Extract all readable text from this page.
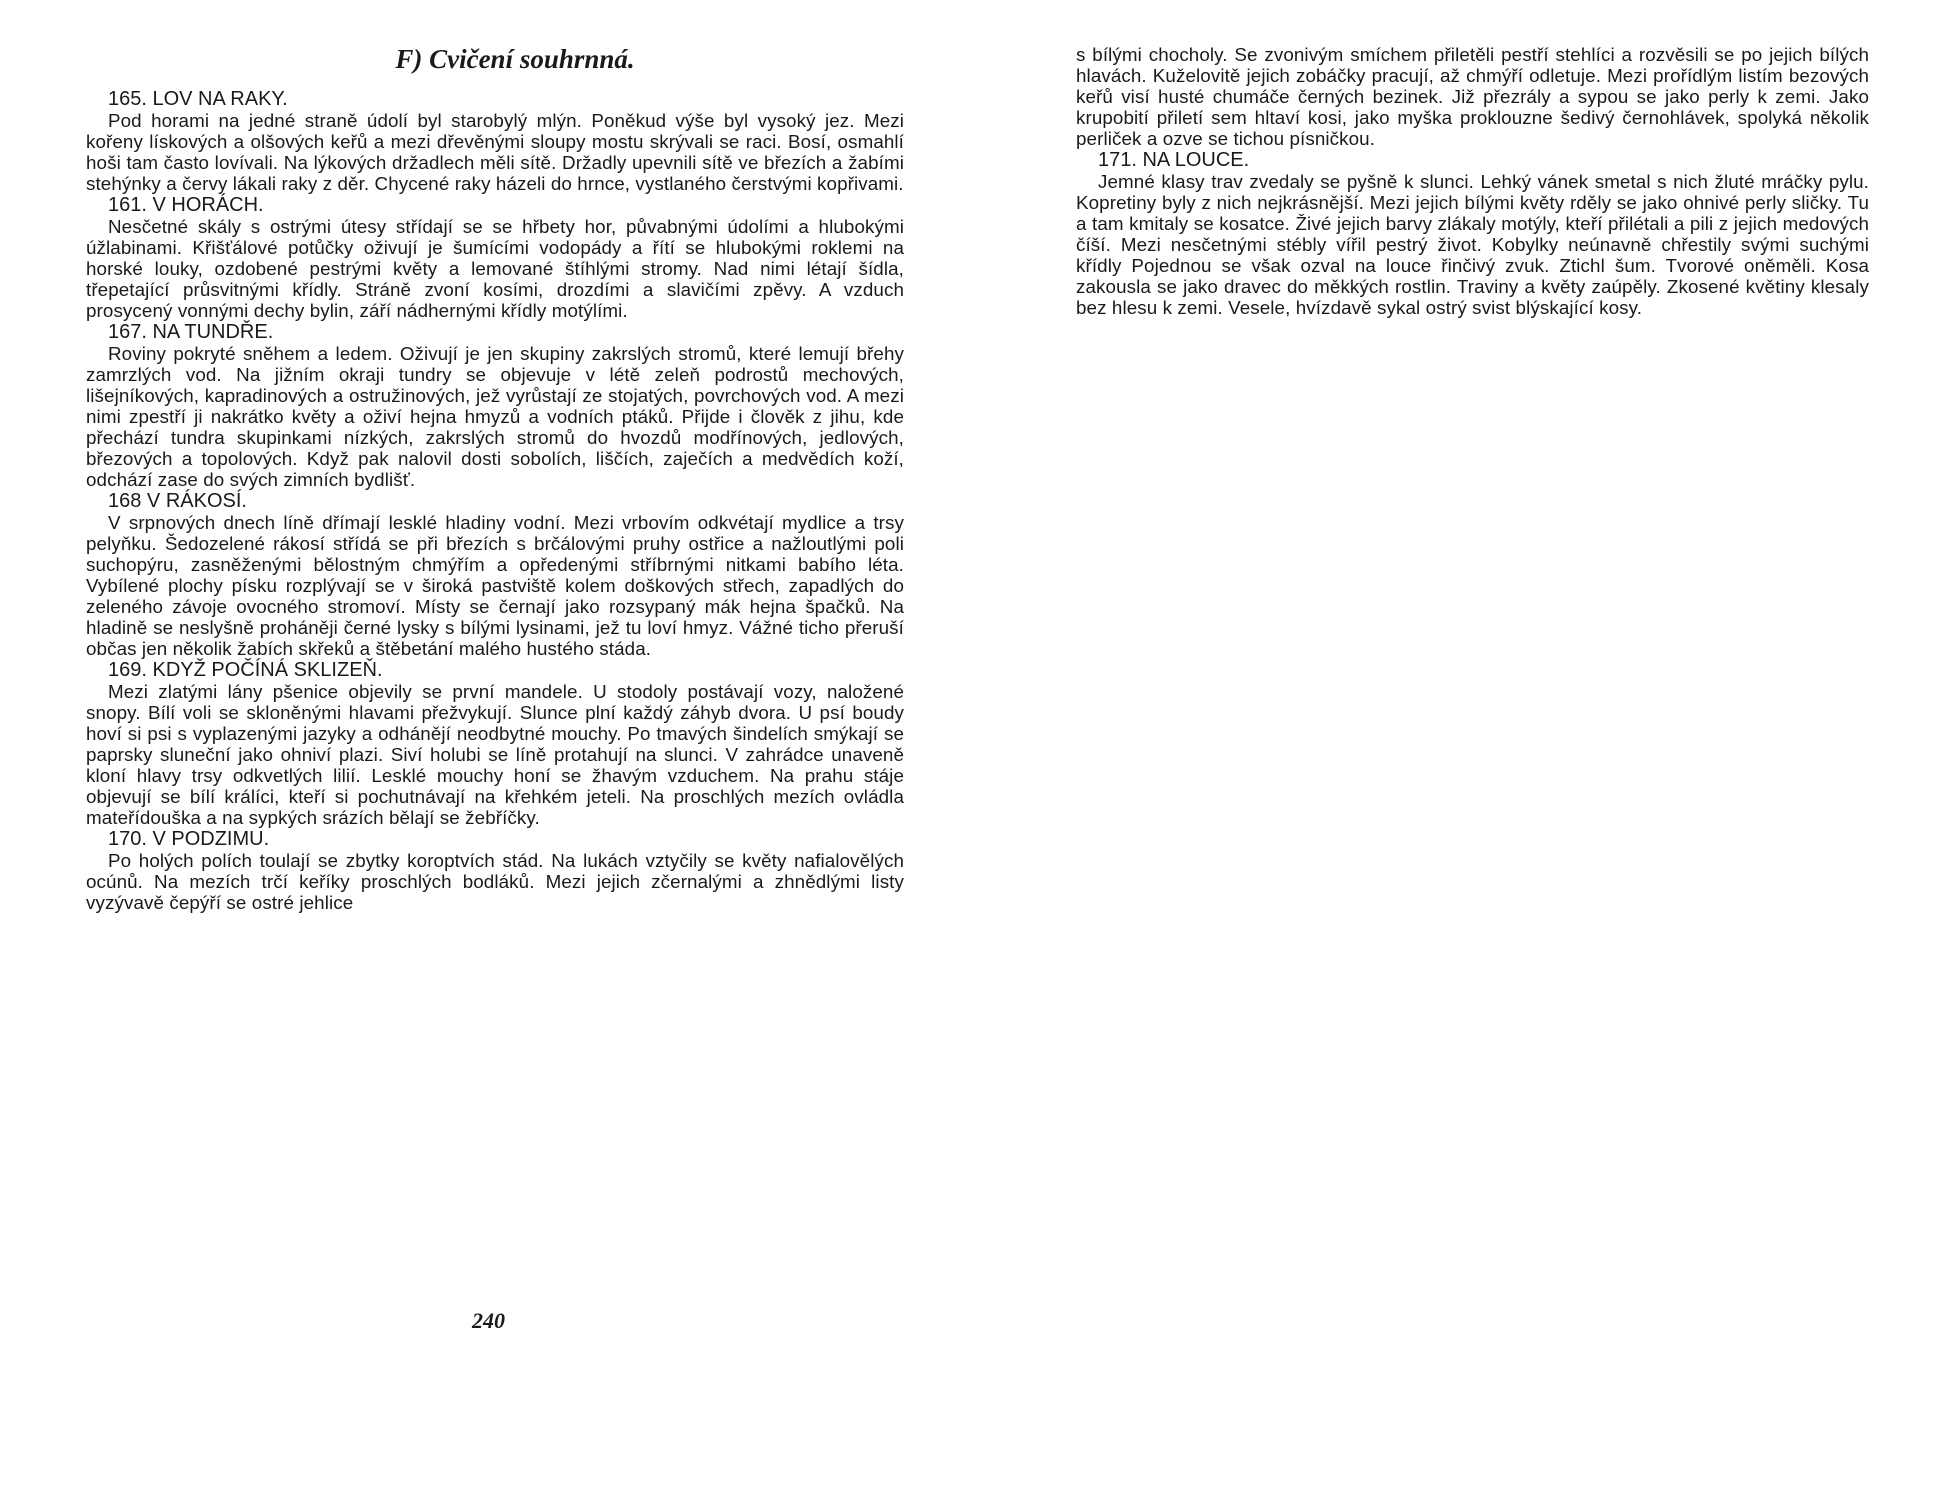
F) Cvičení souhrnná.

165. LOV NA RAKY.

Pod horami na jedné straně údolí byl starobylý mlýn. Poněkud výše byl vysoký jez. Mezi kořeny lískových a olšových keřů a mezi dřevěnými sloupy mostu skrývali se raci. Bosí, osmahlí hoši tam často lovívali. Na lýkových držadlech měli sítě. Držadly upevnili sítě ve březích a žabími stehýnky a červy lákali raky z děr. Chycené raky házeli do hrnce, vystlaného čerstvými kopřivami.

161. V HORÁCH.

Nesčetné skály s ostrými útesy střídají se se hřbety hor, půvabnými údolími a hlubokými úžlabinami. Křišťálové potůčky oživují je šumícími vodopády a řítí se hlubokými roklemi na horské louky, ozdobené pestrými květy a lemované štíhlými stromy. Nad nimi létají šídla, třepetající průsvitnými křídly. Stráně zvoní kosími, drozdími a slavičími zpěvy. A vzduch prosycený vonnými dechy bylin, září nádhernými křídly motýlími.

167. NA TUNDŘE.

Roviny pokryté sněhem a ledem. Oživují je jen skupiny zakrslých stromů, které lemují břehy zamrzlých vod. Na jižním okraji tundry se objevuje v létě zeleň podrostů mechových, lišejníkových, kapradinových a ostružinových, jež vyrůstají ze stojatých, povrchových vod. A mezi nimi zpestří ji nakrátko květy a oživí hejna hmyzů a vodních ptáků. Přijde i člověk z jihu, kde přechází tundra skupinkami nízkých, zakrslých stromů do hvozdů modřínových, jedlových, březových a topolových. Když pak nalovil dosti sobolích, liščích, zaječích a medvědích koží, odchází zase do svých zimních bydlišť.

168 V RÁKOSÍ.

V srpnových dnech líně dřímají lesklé hladiny vodní. Mezi vrbovím odkvétají mydlice a trsy pelyňku. Šedozelené rákosí střídá se při březích s brčálovými pruhy ostřice a nažloutlými poli suchopýru, zasněženými bělostným chmýřím a opředenými stříbrnými nitkami babího léta. Vybílené plochy písku rozplývají se v široká pastviště kolem doškových střech, zapadlých do zeleného závoje ovocného stromoví. Místy se černají jako rozsypaný mák hejna špačků. Na hladině se neslyšně proháněji černé lysky s bílými lysinami, jež tu loví hmyz. Vážné ticho přeruší občas jen několik žabích skřeků a štěbetání malého hustého stáda.

169. KDYŽ POČÍNÁ SKLIZEŇ.

Mezi zlatými lány pšenice objevily se první mandele. U stodoly postávají vozy, naložené snopy. Bílí voli se skloněnými hlavami přežvykují. Slunce plní každý záhyb dvora. U psí boudy hoví si psi s vyplazenými jazyky a odhánějí neodbytné mouchy. Po tmavých šindelích smýkají se paprsky sluneční jako ohniví plazi. Siví holubi se líně protahují na slunci. V zahrádce unaveně kloní hlavy trsy odkvetlých lilií. Lesklé mouchy honí se žhavým vzduchem. Na prahu stáje objevují se bílí králíci, kteří si pochutnávají na křehkém jeteli. Na proschlých mezích ovládla mateřídouška a na sypkých srázích bělají se žebříčky.

170. V PODZIMU.

Po holých polích toulají se zbytky koroptvích stád. Na lukách vztyčily se květy nafialovělých ocúnů. Na mezích trčí keříky proschlých bodláků. Mezi jejich zčernalými a zhnědlými listy vyzývavě čepýří se ostré jehlice

240

s bílými chocholy. Se zvonivým smíchem přiletěli pestří stehlíci a rozvěsili se po jejich bílých hlavách. Kuželovitě jejich zobáčky pracují, až chmýří odletuje. Mezi prořídlým listím bezových keřů visí husté chumáče černých bezinek. Již přezrály a sypou se jako perly k zemi. Jako krupobití přiletí sem hltaví kosi, jako myška proklouzne šedivý černohlávek, spolyká několik perliček a ozve se tichou písničkou.

171. NA LOUCE.

Jemné klasy trav zvedaly se pyšně k slunci. Lehký vánek smetal s nich žluté mráčky pylu. Kopretiny byly z nich nejkrásnější. Mezi jejich bílými květy rděly se jako ohnivé perly sličky. Tu a tam kmitaly se kosatce. Živé jejich barvy zlákaly motýly, kteří přilétali a pili z jejich medových číší. Mezi nesčetnými stébly vířil pestrý život. Kobylky neúnavně chřestily svými suchými křídly Pojednou se však ozval na louce řinčivý zvuk. Ztichl šum. Tvorové oněměli. Kosa zakousla se jako dravec do měkkých rostlin. Traviny a květy zaúpěly. Zkosené květiny klesaly bez hlesu k zemi. Vesele, hvízdavě sykal ostrý svist blýskající kosy.
